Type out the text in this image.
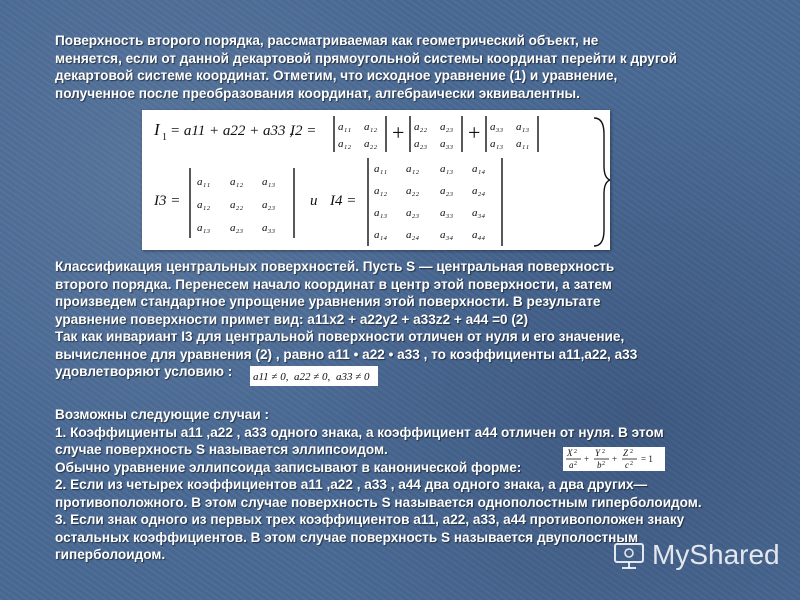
Поверхность второго порядка, рассматриваемая как геометрический объект, не
меняется, если от данной декартовой прямоугольной системы координат перейти к другой
декартовой системе координат. Отметим, что исходное уравнение (1) и уравнение,
полученное после преобразования координат, алгебраически эквивалентны.
I 1 = a11 + a22 + a33 ,
I2 = a₁₁ a₁₂
a₁₂ a₂₂ + a₂₂ a₂₃
a₂₃ a₃₃ + a₃₃ a₁₃
a₁₃ a₁₁
I3 =
a₁₁ a₁₂ a₁₃
a₁₂ a₂₂ a₂₃
a₁₃ a₂₃ a₃₃
и I4 =
a₁₁ a₁₂ a₁₃ a₁₄
a₁₂ a₂₂ a₂₃ a₂₄
a₁₃ a₂₃ a₃₃ a₃₄
a₁₄ a₂₄ a₃₄ a₄₄
Классификация центральных поверхностей. Пусть S — центральная поверхность
второго порядка. Перенесем начало координат в центр этой поверхности, а затем
произведем стандартное упрощение уравнения этой поверхности. В результате
уравнение поверхности примет вид: a11x2 + a22y2 + a33z2 + a44 =0 (2)
Так как инвариант I3 для центральной поверхности отличен от нуля и его значение,
вычисленное для уравнения (2) , равно a11 • a22 • a33 , то коэффициенты a11,a22, a33
удовлетворяют условию :	a11 ≠ 0, a22 ≠ 0, a33 ≠ 0
Возможны следующие случаи :
1. Коэффициенты a11 ,a22 , a33 одного знака, а коэффициент a44 отличен от нуля. В этом
случае поверхность S называется эллипсоидом.
Обычно уравнение эллипсоида записывают в канонической форме:
2. Если из четырех коэффициентов a11 ,a22 , a33 , a44 два одного знака, а два других—
противоположного. В этом случае поверхность S называется однополостным гиперболоидом.
3. Если знак одного из первых трех коэффициентов a11, a22, a33, a44 противоположен знаку
остальных коэффициентов. В этом случае поверхность S называется двуполостным
гиперболоидом.
X 2
a 2 +
Y 2
b 2 +
Z 2
c 2 = 1
MyShared
